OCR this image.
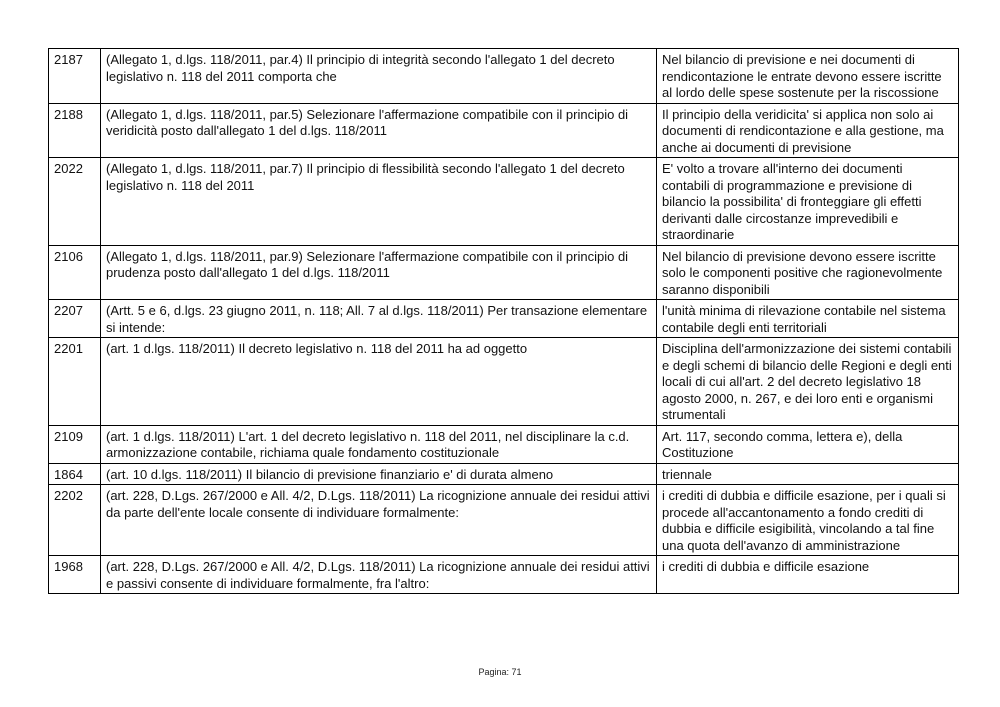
2187	(Allegato 1, d.lgs. 118/2011, par.4) Il principio di integrità secondo l'allegato 1 del decreto legislativo n. 118 del 2011 comporta che	Nel bilancio di previsione e nei documenti di rendicontazione le entrate devono essere iscritte al lordo delle spese sostenute per la riscossione
2188	(Allegato 1, d.lgs. 118/2011, par.5) Selezionare l'affermazione compatibile con il principio di veridicità posto dall'allegato 1 del d.lgs. 118/2011	Il principio della veridicita' si applica non solo ai documenti di rendicontazione e alla gestione, ma anche ai documenti di previsione
2022	(Allegato 1, d.lgs. 118/2011, par.7) Il principio di flessibilità secondo l'allegato 1 del decreto legislativo n. 118 del 2011	E' volto a trovare all'interno dei documenti contabili di programmazione e previsione di bilancio la possibilita' di fronteggiare gli effetti derivanti dalle circostanze imprevedibili e straordinarie
2106	(Allegato 1, d.lgs. 118/2011, par.9) Selezionare l'affermazione compatibile con il principio di prudenza posto dall'allegato 1 del d.lgs. 118/2011	Nel bilancio di previsione devono essere iscritte solo le componenti positive che ragionevolmente saranno disponibili
2207	(Artt. 5 e 6, d.lgs. 23 giugno 2011, n. 118; All. 7 al d.lgs. 118/2011) Per transazione elementare si intende:	l'unità minima di rilevazione contabile nel sistema contabile degli enti territoriali
2201	(art. 1 d.lgs. 118/2011) Il decreto legislativo n. 118 del 2011 ha ad oggetto	Disciplina dell'armonizzazione dei sistemi contabili e degli schemi di bilancio delle Regioni e degli enti locali di cui all'art. 2 del decreto legislativo 18 agosto 2000, n. 267, e dei loro enti e organismi strumentali
2109	(art. 1 d.lgs. 118/2011) L'art. 1 del decreto legislativo n. 118 del 2011, nel disciplinare la c.d. armonizzazione contabile, richiama quale fondamento costituzionale	Art. 117, secondo comma, lettera e), della Costituzione
1864	(art. 10 d.lgs. 118/2011) Il bilancio di previsione finanziario e' di durata almeno	triennale
2202	(art. 228, D.Lgs. 267/2000 e All. 4/2, D.Lgs. 118/2011) La ricognizione annuale dei residui attivi da parte dell'ente locale consente di individuare formalmente:	i crediti di dubbia e difficile esazione, per i quali si procede all'accantonamento a fondo crediti di dubbia e difficile esigibilità, vincolando a tal fine una quota dell'avanzo di amministrazione
1968	(art. 228, D.Lgs. 267/2000 e All. 4/2, D.Lgs. 118/2011) La ricognizione annuale dei residui attivi e passivi consente di individuare formalmente, fra l'altro:	i crediti di dubbia e difficile esazione
Pagina: 71
